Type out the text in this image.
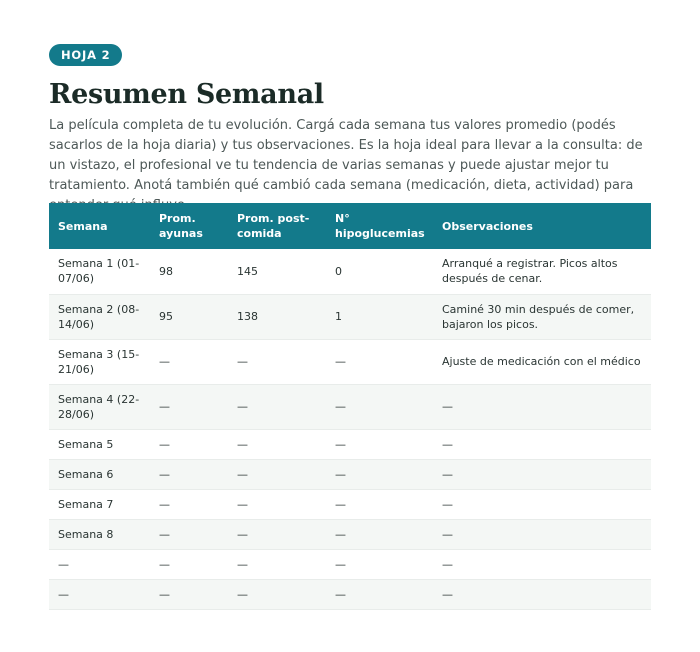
HOJA 2
Resumen Semanal

La película completa de tu evolución. Cargá cada semana tus valores promedio (podés sacarlos de la hoja diaria) y tus observaciones. Es la hoja ideal para llevar a la consulta: de un vistazo, el profesional ve tu tendencia de varias semanas y puede ajustar mejor tu tratamiento. Anotá también qué cambió cada semana (medicación, dieta, actividad) para

Semana	Prom. ayunas	Prom. post-comida	N° hipoglucemias	Observaciones
Semana 1 (01-07/06)	98	145	0	Arranqué a registrar. Picos altos después de cenar.
Semana 2 (08-14/06)	95	138	1	Caminé 30 min después de comer, bajaron los picos.
Semana 3 (15-21/06)	—	—	—	Ajuste de medicación con el médico
Semana 4 (22-28/06)	—	—	—	—
Semana 5	—	—	—	—
Semana 6	—	—	—	—
Semana 7	—	—	—	—
Semana 8	—	—	—	—
—	—	—	—	—
—	—	—	—	—
